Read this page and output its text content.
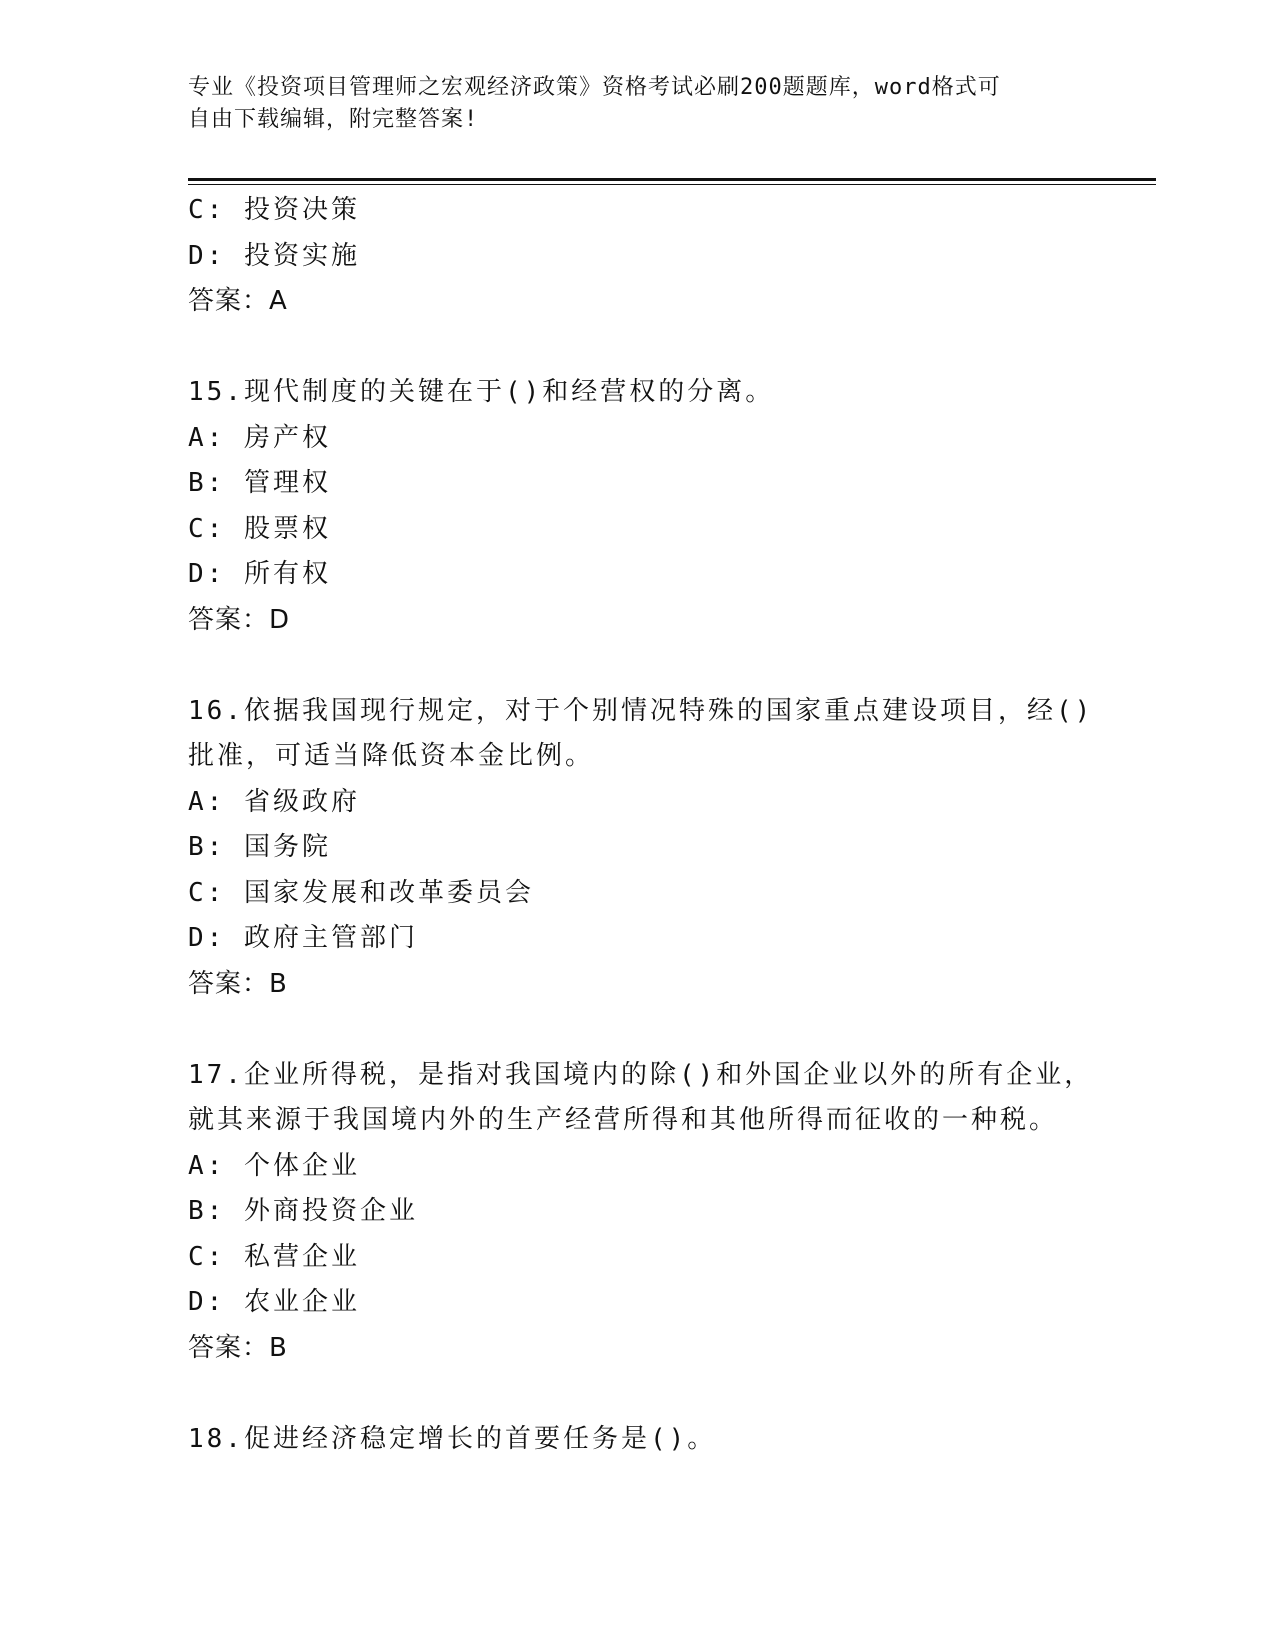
专业《投资项目管理师之宏观经济政策》资格考试必刷200题题库，word格式可
自由下载编辑，附完整答案!
C: 投资决策
D: 投资实施
答案：A
15.现代制度的关键在于()和经营权的分离。
A: 房产权
B: 管理权
C: 股票权
D: 所有权
答案：D
16.依据我国现行规定，对于个别情况特殊的国家重点建设项目，经()
批准，可适当降低资本金比例。
A: 省级政府
B: 国务院
C: 国家发展和改革委员会
D: 政府主管部门
答案：B
17.企业所得税，是指对我国境内的除()和外国企业以外的所有企业，
就其来源于我国境内外的生产经营所得和其他所得而征收的一种税。
A: 个体企业
B: 外商投资企业
C: 私营企业
D: 农业企业
答案：B
18.促进经济稳定增长的首要任务是()。
